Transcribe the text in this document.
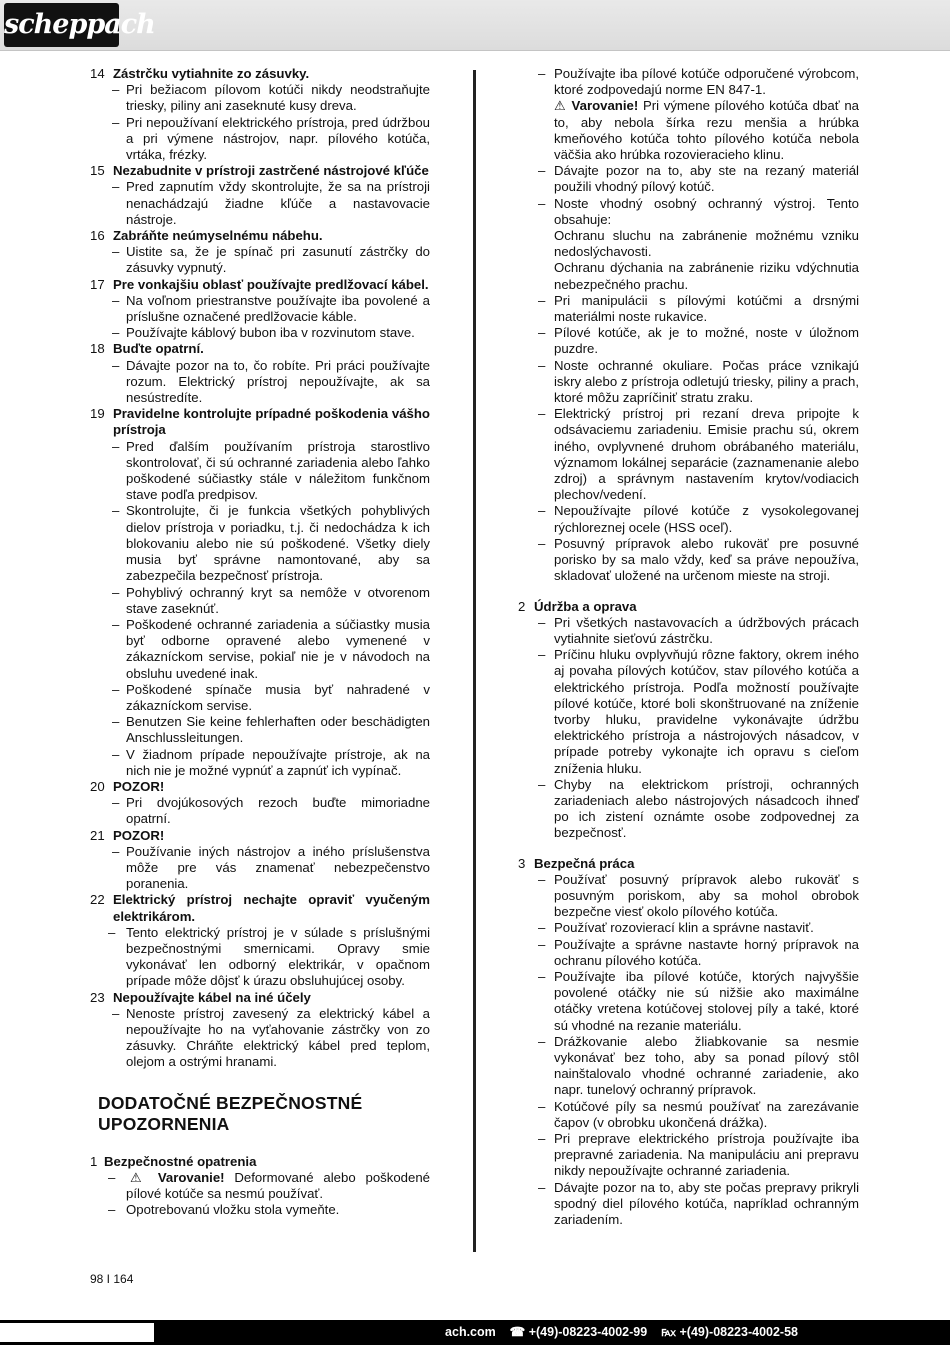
scheppach
14 Zástrčku vytiahnite zo zásuvky.
– Pri bežiacom pílovom kotúči nikdy neodstraňujte triesky, piliny ani zaseknuté kusy dreva.
– Pri nepoužívaní elektrického prístroja, pred údržbou a pri výmene nástrojov, napr. pílového kotúča, vrtáka, frézky.
15 Nezabudnite v prístroji zastrčené nástrojové kľúče
– Pred zapnutím vždy skontrolujte, že sa na prístroji nenachádzajú žiadne kľúče a nastavovacie nástroje.
16 Zabráňte neúmyselnému nábehu.
– Uistite sa, že je spínač pri zasunutí zástrčky do zásuvky vypnutý.
17 Pre vonkajšiu oblasť používajte predlžovací kábel.
– Na voľnom priestranstve používajte iba povolené a príslušne označené predlžovacie káble.
– Používajte káblový bubon iba v rozvinutom stave.
18 Buďte opatrní.
– Dávajte pozor na to, čo robíte. Pri práci používajte rozum. Elektrický prístroj nepoužívajte, ak sa nesústredíte.
19 Pravidelne kontrolujte prípadné poškodenia vášho prístroja
– Pred ďalším používaním prístroja starostlivo skontrolovať, či sú ochranné zariadenia alebo ľahko poškodené súčiastky stále v náležitom funkčnom stave podľa predpisov.
– Skontrolujte, či je funkcia všetkých pohyblivých dielov prístroja v poriadku, t.j. či nedochádza k ich blokovaniu alebo nie sú poškodené. Všetky diely musia byť správne namontované, aby sa zabezpečila bezpečnosť prístroja.
– Pohyblivý ochranný kryt sa nemôže v otvorenom stave zaseknúť.
– Poškodené ochranné zariadenia a súčiastky musia byť odborne opravené alebo vymenené v zákazníckom servise, pokiaľ nie je v návodoch na obsluhu uvedené inak.
– Poškodené spínače musia byť nahradené v zákazníckom servise.
– Benutzen Sie keine fehlerhaften oder beschädigten Anschlussleitungen.
– V žiadnom prípade nepoužívajte prístroje, ak na nich nie je možné vypnúť a zapnúť ich vypínač.
20 POZOR!
– Pri dvojúkosových rezoch buďte mimoriadne opatrní.
21 POZOR!
– Používanie iných nástrojov a iného príslušenstva môže pre vás znamenať nebezpečenstvo poranenia.
22 Elektrický prístroj nechajte opraviť vyučeným elektrikárom.
– Tento elektrický prístroj je v súlade s príslušnými bezpečnostnými smernicami. Opravy smie vykonávať len odborný elektrikár, v opačnom prípade môže dôjsť k úrazu obsluhujúcej osoby.
23 Nepoužívajte kábel na iné účely
– Nenoste prístroj zavesený za elektrický kábel a nepoužívajte ho na vyťahovanie zástrčky von zo zásuvky. Chráňte elektrický kábel pred teplom, olejom a ostrými hranami.
DODATOČNÉ BEZPEČNOSTNÉ UPOZORNENIA
1 Bezpečnostné opatrenia
– ⚠ Varovanie! Deformované alebo poškodené pílové kotúče sa nesmú používať.
– Opotrebovanú vložku stola vymeňte.
– Používajte iba pílové kotúče odporučené výrobcom, ktoré zodpovedajú norme EN 847-1.
⚠ Varovanie! Pri výmene pílového kotúča dbať na to, aby nebola šírka rezu menšia a hrúbka kmeňového kotúča tohto pílového kotúča nebola väčšia ako hrúbka rozovieracieho klinu.
– Dávajte pozor na to, aby ste na rezaný materiál použili vhodný pílový kotúč.
– Noste vhodný osobný ochranný výstroj. Tento obsahuje:
Ochranu sluchu na zabránenie možnému vzniku nedoslýchavosti.
Ochranu dýchania na zabránenie riziku vdýchnutia nebezpečného prachu.
– Pri manipulácii s pílovými kotúčmi a drsnými materiálmi noste rukavice.
– Pílové kotúče, ak je to možné, noste v úložnom puzdre.
– Noste ochranné okuliare. Počas práce vznikajú iskry alebo z prístroja odletujú triesky, piliny a prach, ktoré môžu zapríčiniť stratu zraku.
– Elektrický prístroj pri rezaní dreva pripojte k odsávaciemu zariadeniu. Emisie prachu sú, okrem iného, ovplyvnené druhom obrábaného materiálu, významom lokálnej separácie (zaznamenanie alebo zdroj) a správnym nastavením krytov/vodiacich plechov/vedení.
– Nepoužívajte pílové kotúče z vysokolegovanej rýchloreznej ocele (HSS oceľ).
– Posuvný prípravok alebo rukoväť pre posuvné porisko by sa malo vždy, keď sa práve nepoužíva, skladovať uložené na určenom mieste na stroji.
2 Údržba a oprava
– Pri všetkých nastavovacích a údržbových prácach vytiahnite sieťovú zástrčku.
– Príčinu hluku ovplyvňujú rôzne faktory, okrem iného aj povaha pílových kotúčov, stav pílového kotúča a elektrického prístroja. Podľa možností používajte pílové kotúče, ktoré boli skonštruované na zníženie tvorby hluku, pravidelne vykonávajte údržbu elektrického prístroja a nástrojových násadcov, v prípade potreby vykonajte ich opravu s cieľom zníženia hluku.
– Chyby na elektrickom prístroji, ochranných zariadeniach alebo nástrojových násadcoch ihneď po ich zistení oznámte osobe zodpovednej za bezpečnosť.
3 Bezpečná práca
– Používať posuvný prípravok alebo rukoväť s posuvným poriskom, aby sa mohol obrobok bezpečne viesť okolo pílového kotúča.
– Používať rozovierací klin a správne nastaviť.
– Používajte a správne nastavte horný prípravok na ochranu pílového kotúča.
– Používajte iba pílové kotúče, ktorých najvyššie povolené otáčky nie sú nižšie ako maximálne otáčky vretena kotúčovej stolovej píly a také, ktoré sú vhodné na rezanie materiálu.
– Drážkovanie alebo žliabkovanie sa nesmie vykonávať bez toho, aby sa ponad pílový stôl nainštalovalo vhodné ochranné zariadenie, ako napr. tunelový ochranný prípravok.
– Kotúčové píly sa nesmú používať na zarezávanie čapov (v obrobku ukončená drážka).
– Pri preprave elektrického prístroja používajte iba prepravné zariadenia. Na manipuláciu ani prepravu nikdy nepoužívajte ochranné zariadenia.
– Dávajte pozor na to, aby ste počas prepravy prikryli spodný diel pílového kotúča, napríklad ochranným zariadením.
98 I 164
ach.com ☎ +(49)-08223-4002-99 ℻ +(49)-08223-4002-58
